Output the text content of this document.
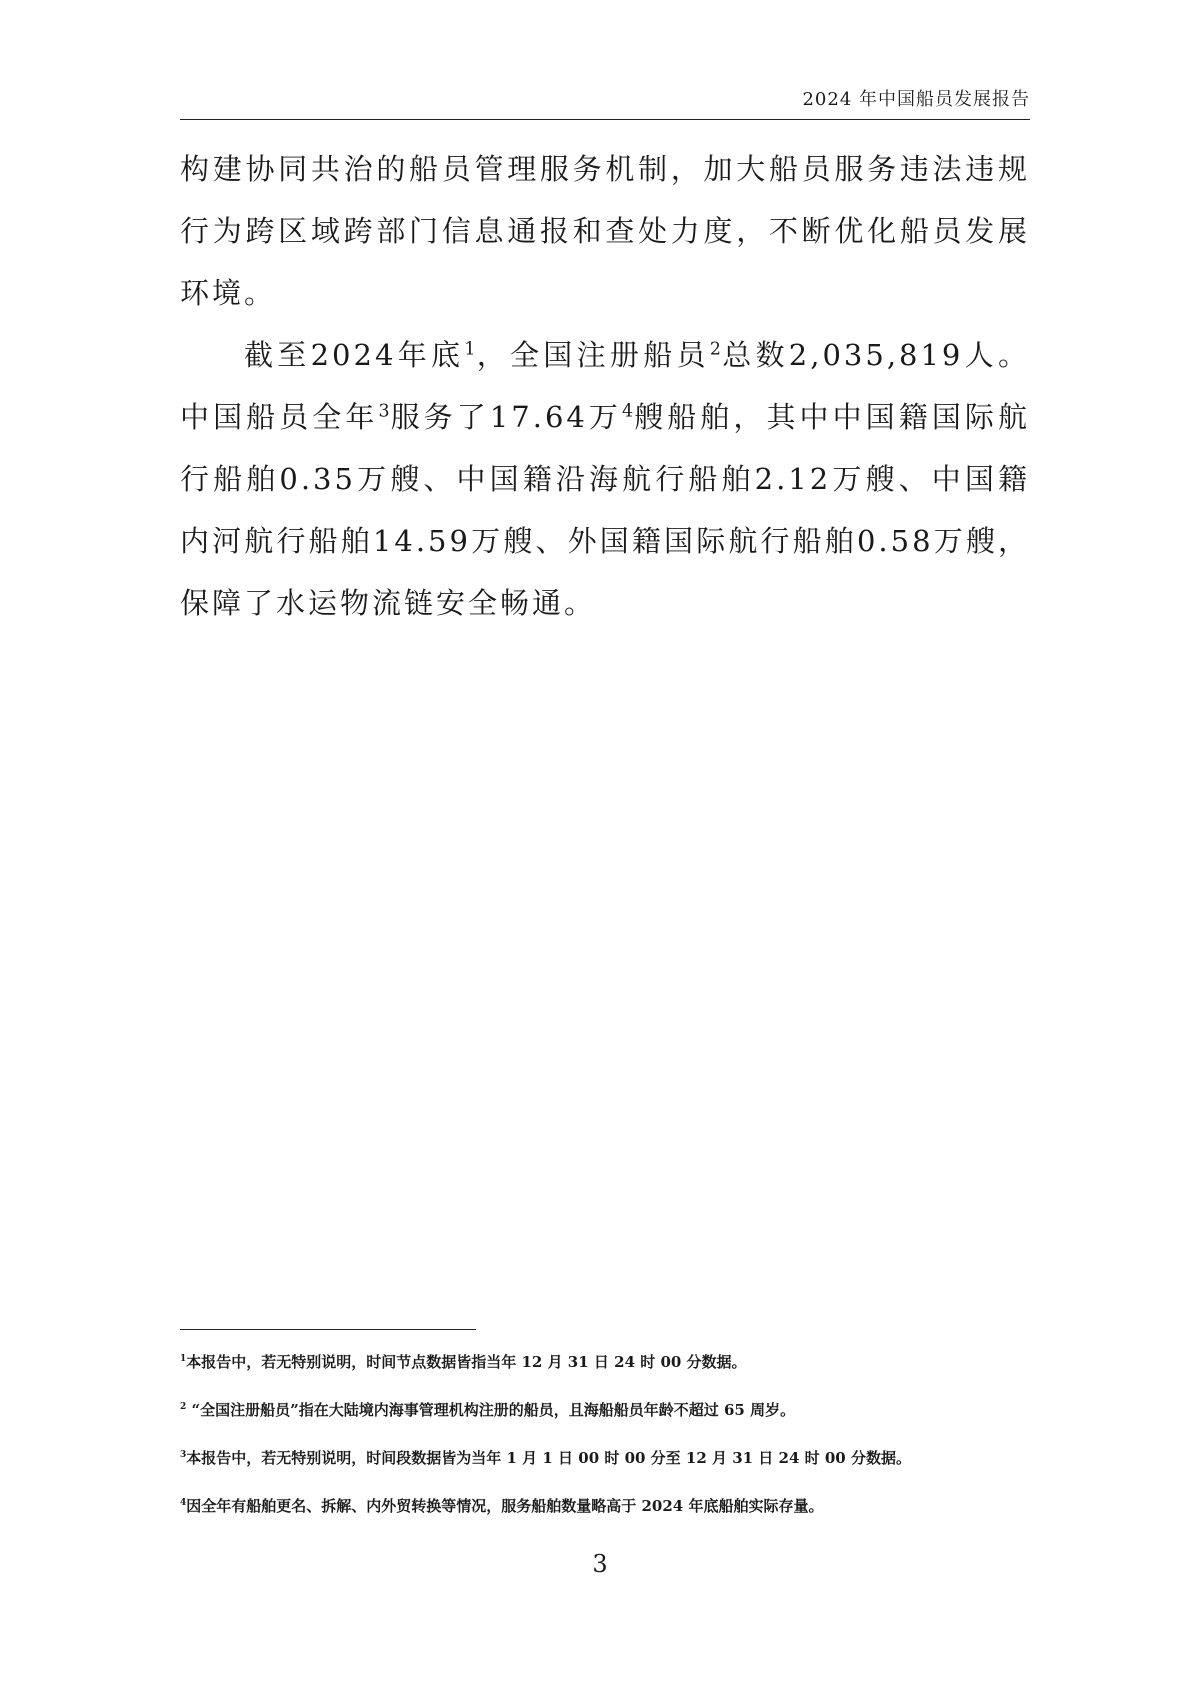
2024 年中国船员发展报告

构建协同共治的船员管理服务机制，加大船员服务违法违规行为跨区域跨部门信息通报和查处力度，不断优化船员发展环境。

截至2024年底$^1$，全国注册船员$^2$总数2,035,819人。中国船员全年$^3$服务了17.64万$^4$艘船舶，其中中国籍国际航行船舶0.35万艘、中国籍沿海航行船舶2.12万艘、中国籍内河航行船舶14.59万艘、外国籍国际航行船舶0.58万艘，保障了水运物流链安全畅通。

$^1$本报告中，若无特别说明，时间节点数据皆指当年 12 月 31 日 24 时 00 分数据。

$^2$ “全国注册船员”指在大陆境内海事管理机构注册的船员，且海船船员年龄不超过 65 周岁。

$^3$本报告中，若无特别说明，时间段数据皆为当年 1 月 1 日 00 时 00 分至 12 月 31 日 24 时 00 分数据。

$^4$因全年有船舶更名、拆解、内外贸转换等情况，服务船舶数量略高于 2024 年底船舶实际存量。

3
